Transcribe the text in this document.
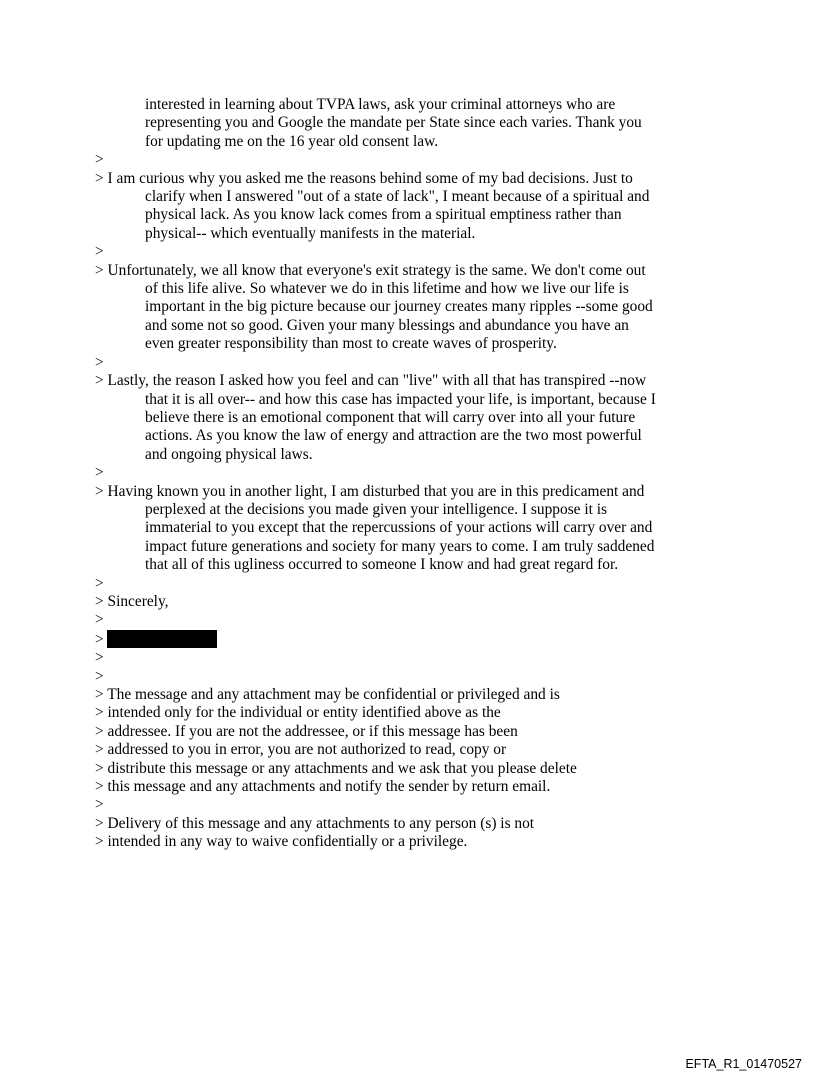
interested in learning about TVPA laws, ask your criminal attorneys who are
representing you and Google the mandate per State since each varies. Thank you
for updating me on the 16 year old consent law.
>
> I am curious why you asked me the reasons behind some of my bad decisions. Just to
clarify when I answered "out of a state of lack", I meant because of a spiritual and
physical lack. As you know lack comes from a spiritual emptiness rather than
physical-- which eventually manifests in the material.
>
> Unfortunately, we all know that everyone's exit strategy is the same. We don't come out
of this life alive. So whatever we do in this lifetime and how we live our life is
important in the big picture because our journey creates many ripples --some good
and some not so good. Given your many blessings and abundance you have an
even greater responsibility than most to create waves of prosperity.
>
> Lastly, the reason I asked how you feel and can "live" with all that has transpired --now
that it is all over-- and how this case has impacted your life, is important, because I
believe there is an emotional component that will carry over into all your future
actions. As you know the law of energy and attraction are the two most powerful
and ongoing physical laws.
>
> Having known you in another light, I am disturbed that you are in this predicament and
perplexed at the decisions you made given your intelligence. I suppose it is
immaterial to you except that the repercussions of your actions will carry over and
impact future generations and society for many years to come. I am truly saddened
that all of this ugliness occurred to someone I know and had great regard for.
>
> Sincerely,
>
>
>
>
> The message and any attachment may be confidential or privileged and is
> intended only for the individual or entity identified above as the
> addressee. If you are not the addressee, or if this message has been
> addressed to you in error, you are not authorized to read, copy or
> distribute this message or any attachments and we ask that you please delete
> this message and any attachments and notify the sender by return email.
>
> Delivery of this message and any attachments to any person (s) is not
> intended in any way to waive confidentially or a privilege.
EFTA_R1_01470527
